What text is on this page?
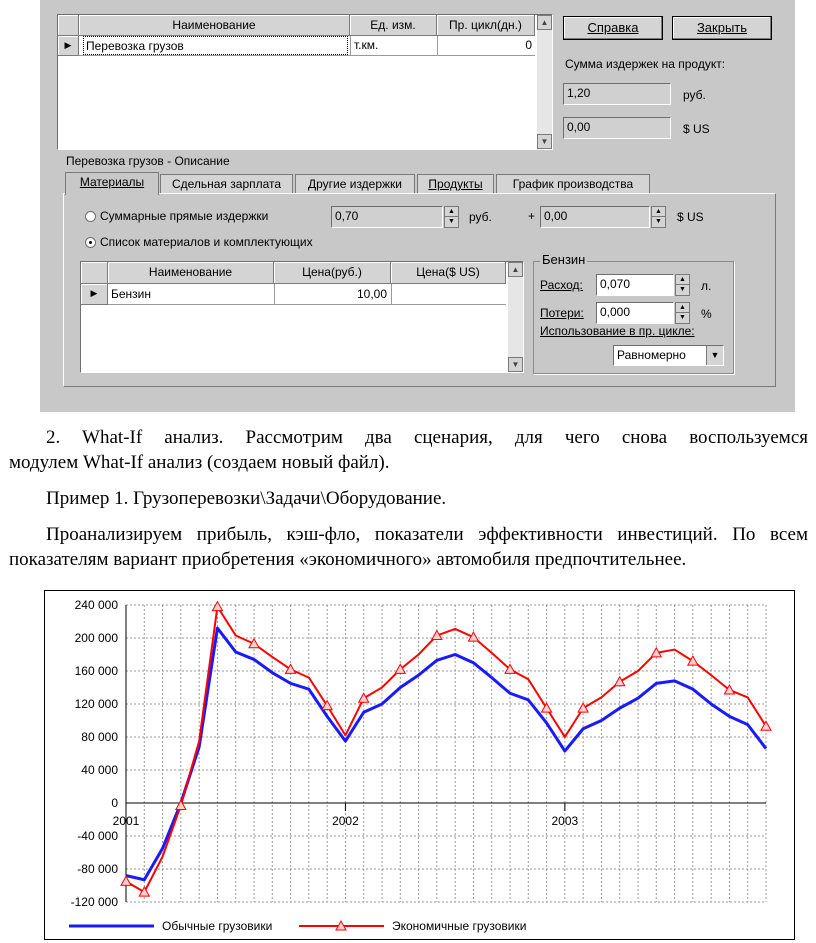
Наименование	Ед. изм.	Пр. цикл(дн.)
▶	Перевозка грузов	т.км.	0
▲
▼
Справка	Закрыть
Сумма издержек на продукт:
1,20	руб.
0,00	$ US
Перевозка грузов - Описание
Материалы	Сдельная зарплата	Другие издержки	Продукты	График производства
Суммарные прямые издержки	0,70	▲
▼ руб.	+ 0,00	▲
▼ $ US
Список материалов и комплектующих
Наименование	Цена(руб.)	Цена($ US)
▶	Бензин	10,00
▲
▼
Бензин
Расход:	0,070	▲
▼ л.
Потери:	0,000	▲
▼ %
Использование в пр. цикле:
Равномерно	▼
2. What-If анализ. Рассмотрим два сценария, для чего снова воспользуемся
модулем What-If анализ (создаем новый файл).
Пример 1. Грузоперевозки\Задачи\Оборудование.
Проанализируем прибыль, кэш-фло, показатели эффективности инвестиций. По всем
показателям вариант приобретения «экономичного» автомобиля предпочтительнее.
240 000
200 000
160 000
120 000
80 000
40 000
0
-40 000
-80 000
-120 000
2001	2002	2003
Обычные грузовики	Экономичные грузовики
